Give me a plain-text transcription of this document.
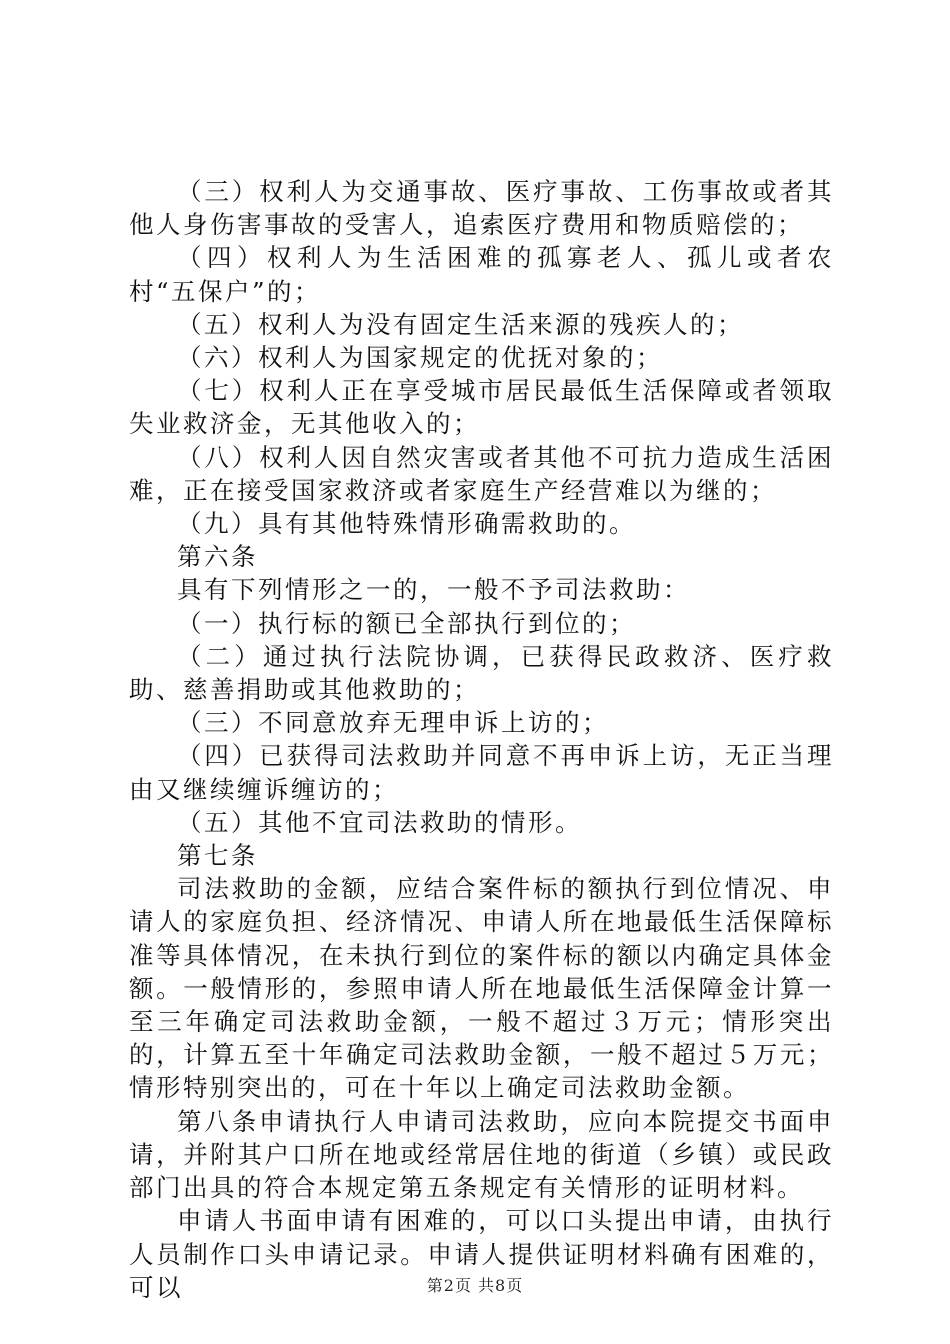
（三）权利人为交通事故、医疗事故、工伤事故或者其他人身伤害事故的受害人，追索医疗费用和物质赔偿的；

（四）权利人为生活困难的孤寡老人、孤儿或者农村“五保户”的；

（五）权利人为没有固定生活来源的残疾人的；

（六）权利人为国家规定的优抚对象的；

（七）权利人正在享受城市居民最低生活保障或者领取失业救济金，无其他收入的；

（八）权利人因自然灾害或者其他不可抗力造成生活困难，正在接受国家救济或者家庭生产经营难以为继的；

（九）具有其他特殊情形确需救助的。

第六条

具有下列情形之一的，一般不予司法救助：

（一）执行标的额已全部执行到位的；

（二）通过执行法院协调，已获得民政救济、医疗救助、慈善捐助或其他救助的；

（三）不同意放弃无理申诉上访的；

（四）已获得司法救助并同意不再申诉上访，无正当理由又继续缠诉缠访的；

（五）其他不宜司法救助的情形。

第七条

司法救助的金额，应结合案件标的额执行到位情况、申请人的家庭负担、经济情况、申请人所在地最低生活保障标准等具体情况，在未执行到位的案件标的额以内确定具体金额。一般情形的，参照申请人所在地最低生活保障金计算一至三年确定司法救助金额，一般不超过３万元；情形突出的，计算五至十年确定司法救助金额，一般不超过５万元；情形特别突出的，可在十年以上确定司法救助金额。

第八条申请执行人申请司法救助，应向本院提交书面申请，并附其户口所在地或经常居住地的街道（乡镇）或民政部门出具的符合本规定第五条规定有关情形的证明材料。

申请人书面申请有困难的，可以口头提出申请，由执行人员制作口头申请记录。申请人提供证明材料确有困难的，可以	第2页 共8页
